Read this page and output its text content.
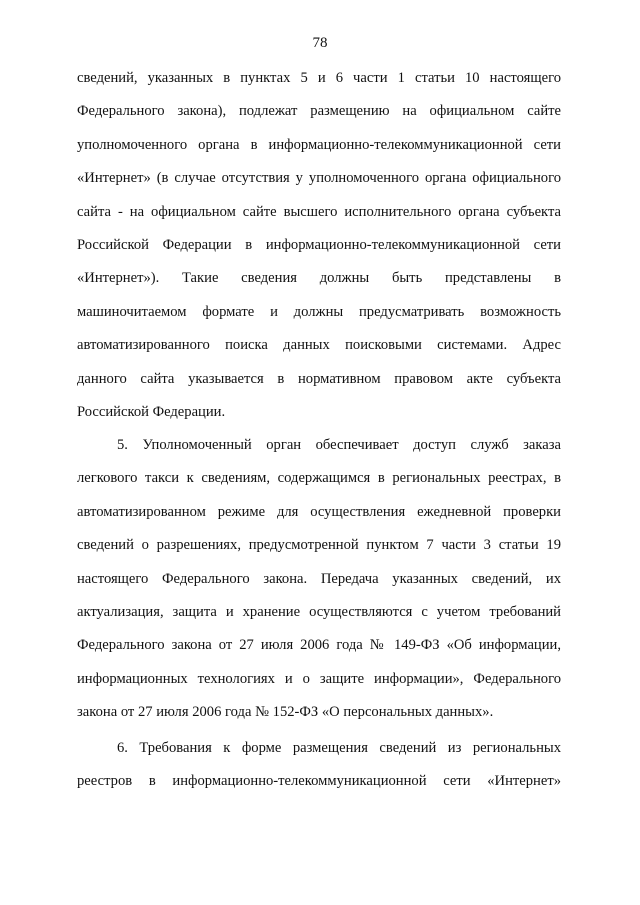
78
сведений, указанных в пунктах 5 и 6 части 1 статьи 10 настоящего
Федерального закона), подлежат размещению на официальном сайте
уполномоченного органа в информационно-телекоммуникационной сети
«Интернет» (в случае отсутствия у уполномоченного органа официального
сайта - на официальном сайте высшего исполнительного органа субъекта
Российской Федерации в информационно-телекоммуникационной сети
«Интернет»). Такие сведения должны быть представлены в
машиночитаемом формате и должны предусматривать возможность
автоматизированного поиска данных поисковыми системами. Адрес
данного сайта указывается в нормативном правовом акте субъекта
Российской Федерации.
5. Уполномоченный орган обеспечивает доступ служб заказа
легкового такси к сведениям, содержащимся в региональных реестрах, в
автоматизированном режиме для осуществления ежедневной проверки
сведений о разрешениях, предусмотренной пунктом 7 части 3 статьи 19
настоящего Федерального закона. Передача указанных сведений, их
актуализация, защита и хранение осуществляются с учетом требований
Федерального закона от 27 июля 2006 года № 149-ФЗ «Об информации,
информационных технологиях и о защите информации», Федерального
закона от 27 июля 2006 года № 152-ФЗ «О персональных данных».
6. Требования к форме размещения сведений из региональных
реестров в информационно-телекоммуникационной сети «Интернет»
